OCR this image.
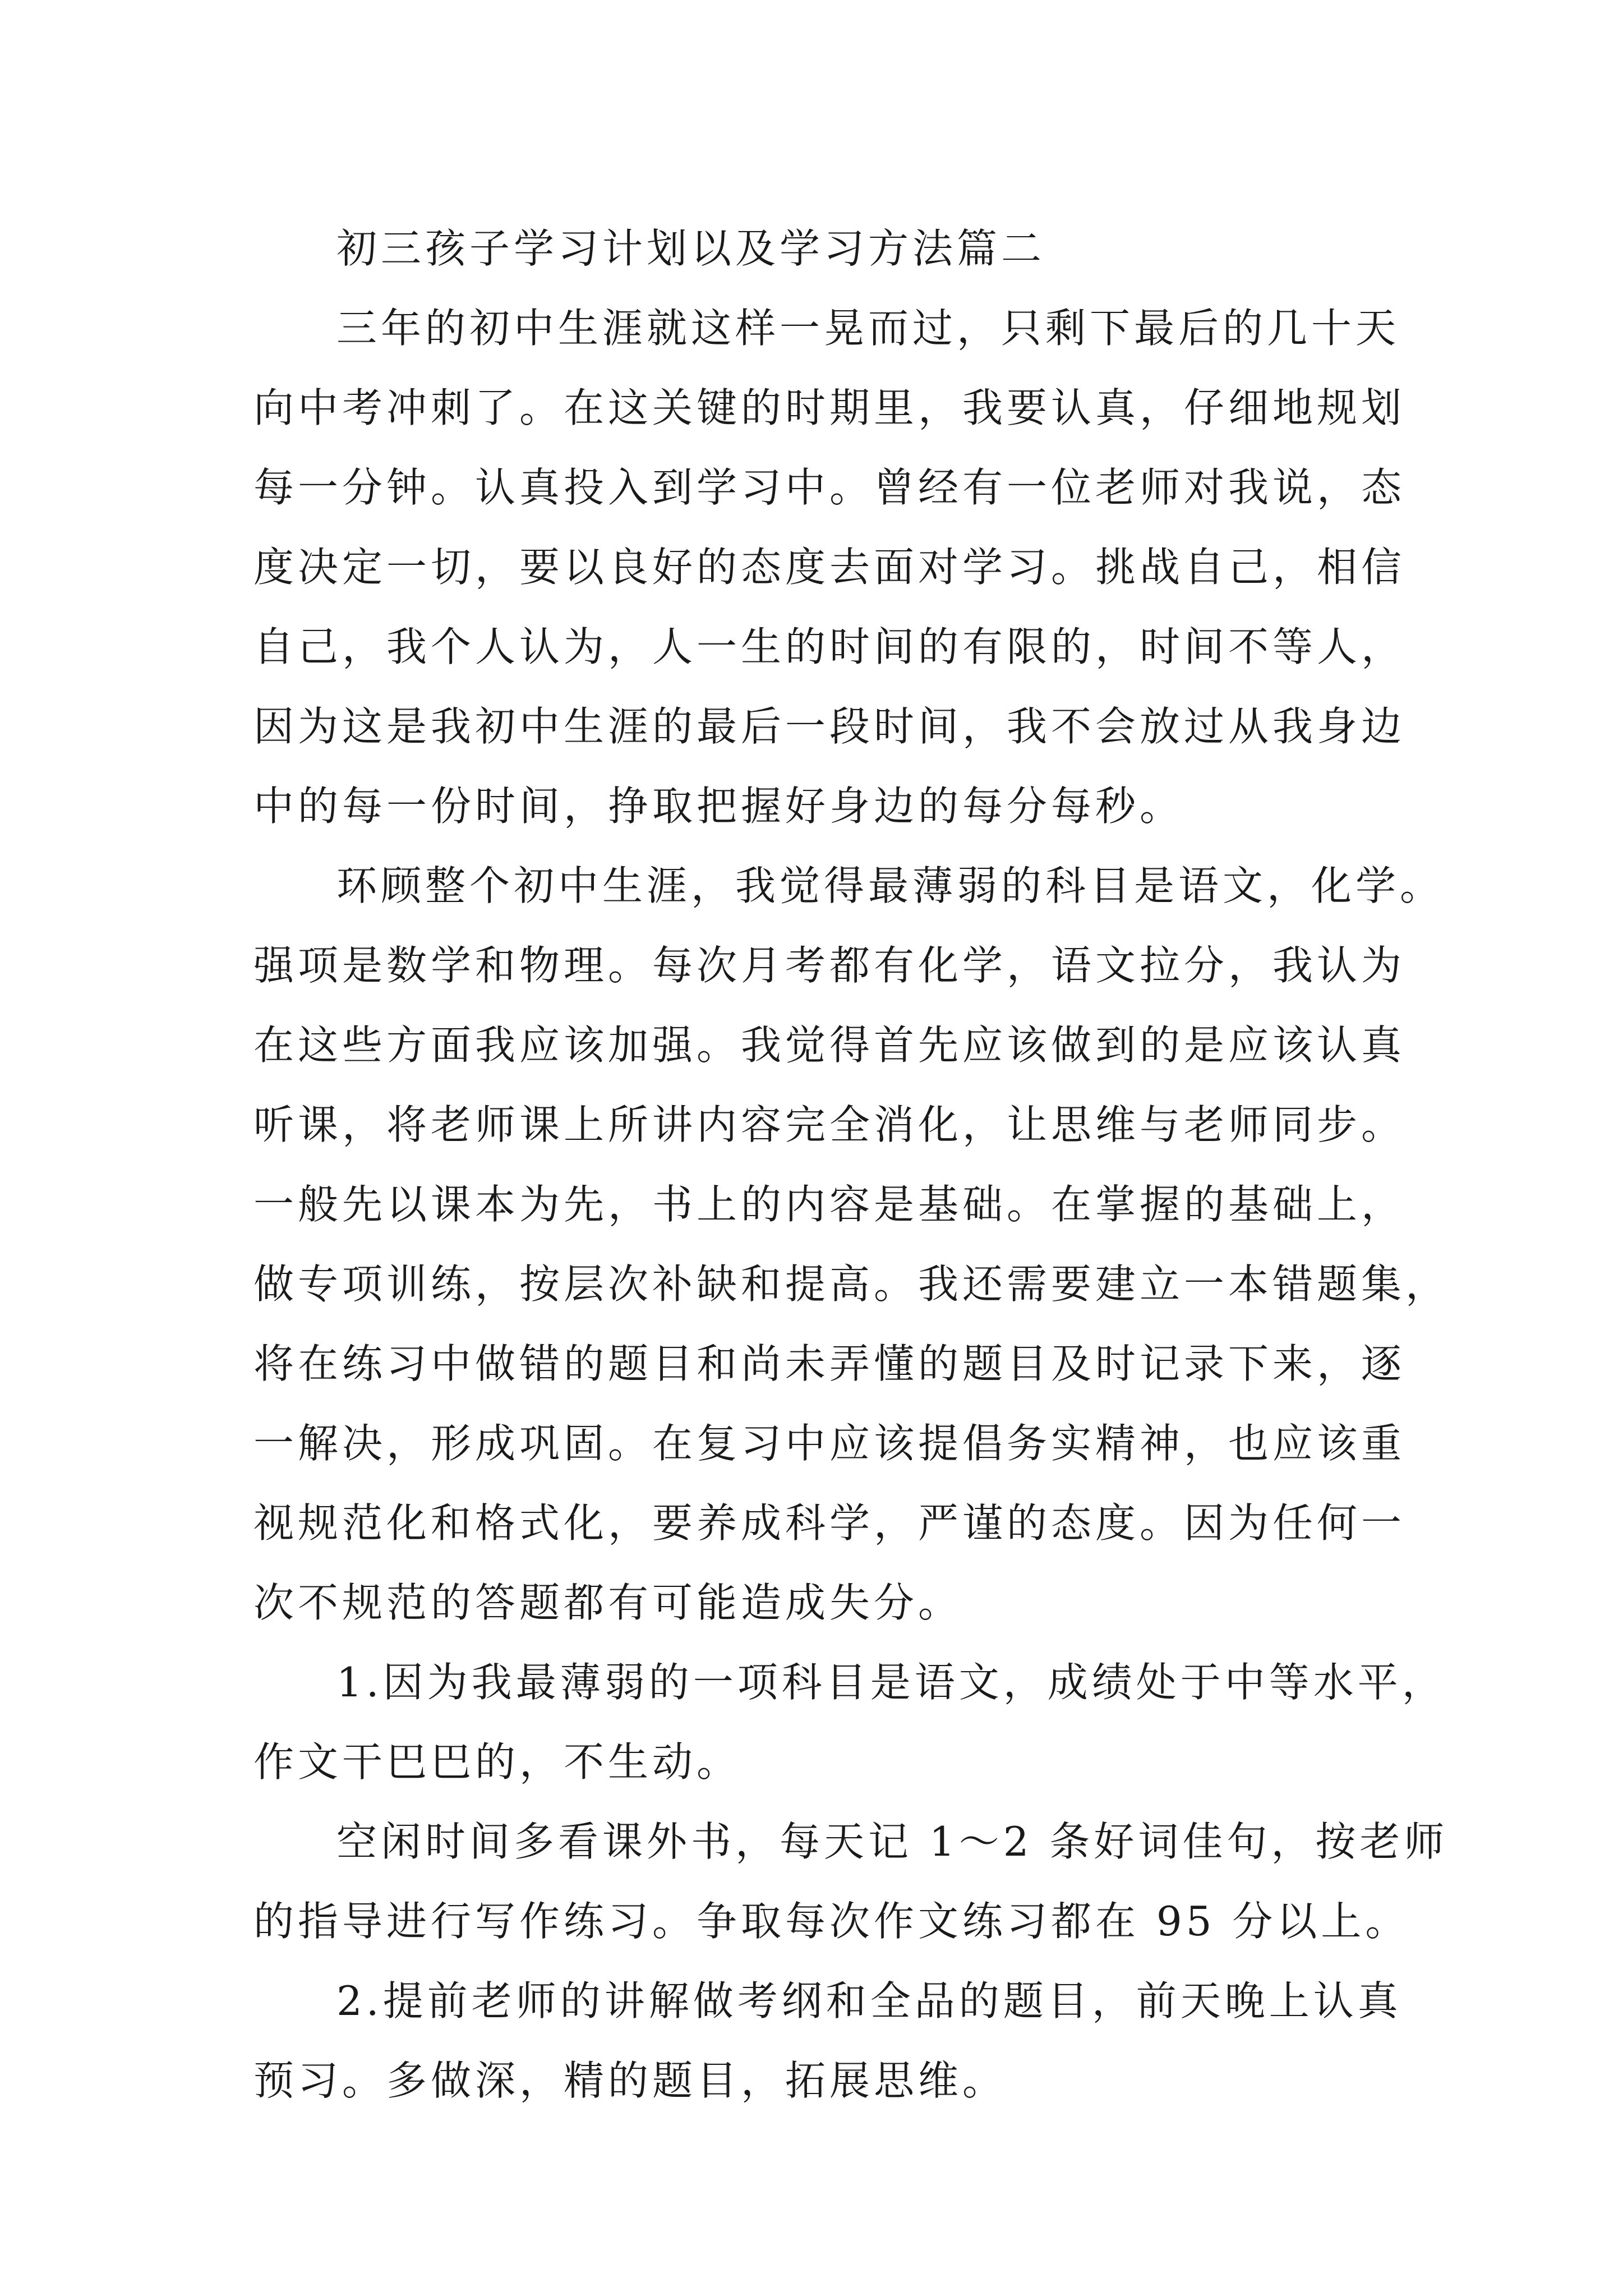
初三孩子学习计划以及学习方法篇二
三年的初中生涯就这样一晃而过，只剩下最后的几十天
向中考冲刺了。在这关键的时期里，我要认真，仔细地规划
每一分钟。认真投入到学习中。曾经有一位老师对我说，态
度决定一切，要以良好的态度去面对学习。挑战自己，相信
自己，我个人认为，人一生的时间的有限的，时间不等人，
因为这是我初中生涯的最后一段时间，我不会放过从我身边
中的每一份时间，挣取把握好身边的每分每秒。
环顾整个初中生涯，我觉得最薄弱的科目是语文，化学。
强项是数学和物理。每次月考都有化学，语文拉分，我认为
在这些方面我应该加强。我觉得首先应该做到的是应该认真
听课，将老师课上所讲内容完全消化，让思维与老师同步。
一般先以课本为先，书上的内容是基础。在掌握的基础上，
做专项训练，按层次补缺和提高。我还需要建立一本错题集，
将在练习中做错的题目和尚未弄懂的题目及时记录下来，逐
一解决，形成巩固。在复习中应该提倡务实精神，也应该重
视规范化和格式化，要养成科学，严谨的态度。因为任何一
次不规范的答题都有可能造成失分。
1.因为我最薄弱的一项科目是语文，成绩处于中等水平，
作文干巴巴的，不生动。
空闲时间多看课外书，每天记 1～2 条好词佳句，按老师
的指导进行写作练习。争取每次作文练习都在 95 分以上。
2.提前老师的讲解做考纲和全品的题目，前天晚上认真
预习。多做深，精的题目，拓展思维。
